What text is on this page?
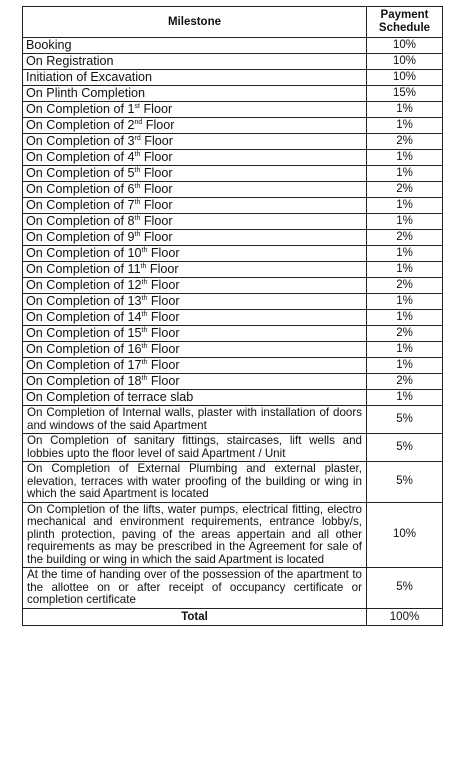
Milestone	Payment
Schedule
Booking	10%
On Registration	10%
Initiation of Excavation	10%
On Plinth Completion	15%
On Completion of 1st Floor	1%
On Completion of 2nd Floor	1%
On Completion of 3rd Floor	2%
On Completion of 4th Floor	1%
On Completion of 5th Floor	1%
On Completion of 6th Floor	2%
On Completion of 7th Floor	1%
On Completion of 8th Floor	1%
On Completion of 9th Floor	2%
On Completion of 10th Floor	1%
On Completion of 11th Floor	1%
On Completion of 12th Floor	2%
On Completion of 13th Floor	1%
On Completion of 14th Floor	1%
On Completion of 15th Floor	2%
On Completion of 16th Floor	1%
On Completion of 17th Floor	1%
On Completion of 18th Floor	2%
On Completion of terrace slab	1%
On Completion of Internal walls, plaster with installation of doors and windows of the said Apartment	5%
On Completion of sanitary fittings, staircases, lift wells and lobbies upto the floor level of said Apartment / Unit	5%
On Completion of External Plumbing and external plaster, elevation, terraces with water proofing of the building or wing in which the said Apartment is located	5%
On Completion of the lifts, water pumps, electrical fitting, electro mechanical and environment requirements, entrance lobby/s, plinth protection, paving of the areas appertain and all other requirements as may be prescribed in the Agreement for sale of the building or wing in which the said Apartment is located	10%
At the time of handing over of the possession of the apartment to the allottee on or after receipt of occupancy certificate or completion certificate	5%
Total	100%
